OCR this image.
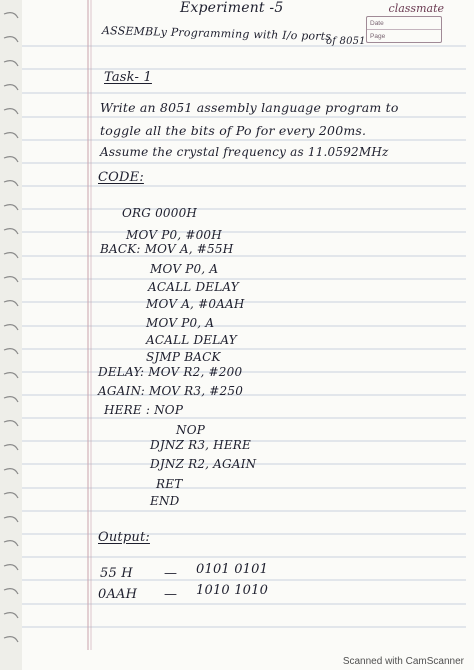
classmate
Date
Page
Experiment -5
ASSEMBLy Programming with I/o ports
of 8051
Task- 1
Write an 8051 assembly language program to
toggle all the bits of Po for every 200ms.
Assume the crystal frequency as 11.0592MHz
CODE:
ORG 0000H
MOV P0, #00H
BACK: MOV A, #55H
MOV P0, A
ACALL DELAY
MOV A, #0AAH
MOV P0, A
ACALL DELAY
SJMP BACK
DELAY: MOV R2, #200
AGAIN: MOV R3, #250
HERE : NOP
NOP
DJNZ R3, HERE
DJNZ R2, AGAIN
RET
END
Output:
55 H — 0101 0101
0AAH — 1010 1010
Scanned with CamScanner
